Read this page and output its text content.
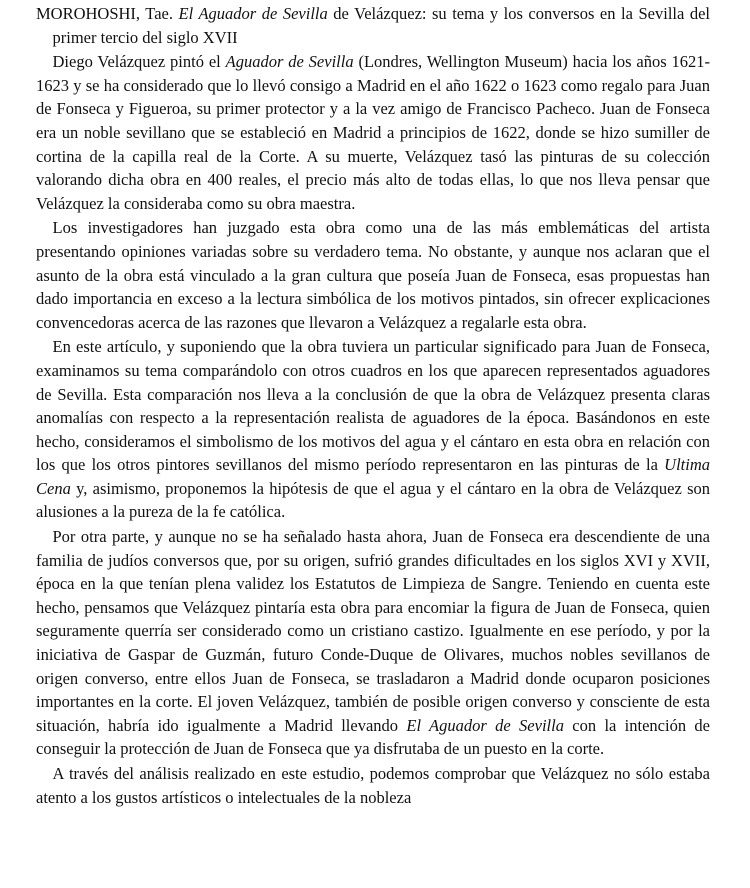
MOROHOSHI, Tae. El Aguador de Sevilla de Velázquez: su tema y los conversos en la Sevilla del primer tercio del siglo XVII

Diego Velázquez pintó el Aguador de Sevilla (Londres, Wellington Museum) hacia los años 1621-1623 y se ha considerado que lo llevó consigo a Madrid en el año 1622 o 1623 como regalo para Juan de Fonseca y Figueroa, su primer protector y a la vez amigo de Francisco Pacheco. Juan de Fonseca era un noble sevillano que se estableció en Madrid a principios de 1622, donde se hizo sumiller de cortina de la capilla real de la Corte. A su muerte, Velázquez tasó las pinturas de su colección valorando dicha obra en 400 reales, el precio más alto de todas ellas, lo que nos lleva pensar que Velázquez la consideraba como su obra maestra.

Los investigadores han juzgado esta obra como una de las más emblemáticas del artista presentando opiniones variadas sobre su verdadero tema. No obstante, y aunque nos aclaran que el asunto de la obra está vinculado a la gran cultura que poseía Juan de Fonseca, esas propuestas han dado importancia en exceso a la lectura simbólica de los motivos pintados, sin ofrecer explicaciones convencedoras acerca de las razones que llevaron a Velázquez a regalarle esta obra.

En este artículo, y suponiendo que la obra tuviera un particular significado para Juan de Fonseca, examinamos su tema comparándolo con otros cuadros en los que aparecen representados aguadores de Sevilla. Esta comparación nos lleva a la conclusión de que la obra de Velázquez presenta claras anomalías con respecto a la representación realista de aguadores de la época. Basándonos en este hecho, consideramos el simbolismo de los motivos del agua y el cántaro en esta obra en relación con los que los otros pintores sevillanos del mismo período representaron en las pinturas de la Ultima Cena y, asimismo, proponemos la hipótesis de que el agua y el cántaro en la obra de Velázquez son alusiones a la pureza de la fe católica.

Por otra parte, y aunque no se ha señalado hasta ahora, Juan de Fonseca era descendiente de una familia de judíos conversos que, por su origen, sufrió grandes dificultades en los siglos XVI y XVII, época en la que tenían plena validez los Estatutos de Limpieza de Sangre. Teniendo en cuenta este hecho, pensamos que Velázquez pintaría esta obra para encomiar la figura de Juan de Fonseca, quien seguramente querría ser considerado como un cristiano castizo. Igualmente en ese período, y por la iniciativa de Gaspar de Guzmán, futuro Conde-Duque de Olivares, muchos nobles sevillanos de origen converso, entre ellos Juan de Fonseca, se trasladaron a Madrid donde ocuparon posiciones importantes en la corte. El joven Velázquez, también de posible origen converso y consciente de esta situación, habría ido igualmente a Madrid llevando El Aguador de Sevilla con la intención de conseguir la protección de Juan de Fonseca que ya disfrutaba de un puesto en la corte.

A través del análisis realizado en este estudio, podemos comprobar que Velázquez no sólo estaba atento a los gustos artísticos o intelectuales de la nobleza
